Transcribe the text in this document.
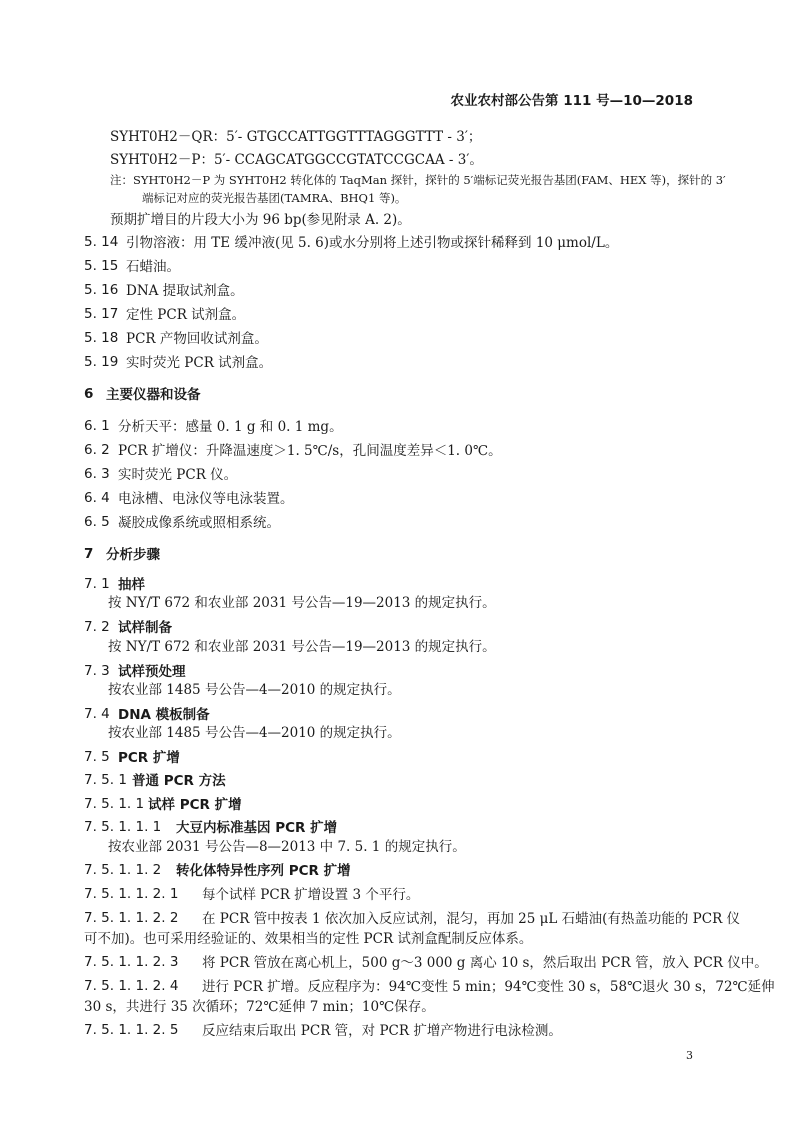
农业农村部公告第 111 号—10—2018
SYHT0H2－QR：5′- GTGCCATTGGTTTAGGGTTT - 3′；
SYHT0H2－P：5′- CCAGCATGGCCGTATCCGCAA - 3′。
注：SYHT0H2－P 为 SYHT0H2 转化体的 TaqMan 探针，探针的 5′端标记荧光报告基团(FAM、HEX 等)，探针的 3′
端标记对应的荧光报告基团(TAMRA、BHQ1 等)。
预期扩增目的片段大小为 96 bp(参见附录 A. 2)。
5. 14 引物溶液：用 TE 缓冲液(见 5. 6)或水分别将上述引物或探针稀释到 10 μmol/L。
5. 15 石蜡油。
5. 16 DNA 提取试剂盒。
5. 17 定性 PCR 试剂盒。
5. 18 PCR 产物回收试剂盒。
5. 19 实时荧光 PCR 试剂盒。
6 主要仪器和设备
6. 1 分析天平：感量 0. 1 g 和 0. 1 mg。
6. 2 PCR 扩增仪：升降温速度＞1. 5℃/s，孔间温度差异＜1. 0℃。
6. 3 实时荧光 PCR 仪。
6. 4 电泳槽、电泳仪等电泳装置。
6. 5 凝胶成像系统或照相系统。
7 分析步骤
7. 1 抽样
按 NY/T 672 和农业部 2031 号公告—19—2013 的规定执行。
7. 2 试样制备
按 NY/T 672 和农业部 2031 号公告—19—2013 的规定执行。
7. 3 试样预处理
按农业部 1485 号公告—4—2010 的规定执行。
7. 4 DNA 模板制备
按农业部 1485 号公告—4—2010 的规定执行。
7. 5 PCR 扩增
7. 5. 1 普通 PCR 方法
7. 5. 1. 1 试样 PCR 扩增
7. 5. 1. 1. 1 大豆内标准基因 PCR 扩增
按农业部 2031 号公告—8—2013 中 7. 5. 1 的规定执行。
7. 5. 1. 1. 2 转化体特异性序列 PCR 扩增
7. 5. 1. 1. 2. 1 每个试样 PCR 扩增设置 3 个平行。
7. 5. 1. 1. 2. 2 在 PCR 管中按表 1 依次加入反应试剂，混匀，再加 25 μL 石蜡油(有热盖功能的 PCR 仪
可不加)。也可采用经验证的、效果相当的定性 PCR 试剂盒配制反应体系。
7. 5. 1. 1. 2. 3 将 PCR 管放在离心机上，500 g～3 000 g 离心 10 s，然后取出 PCR 管，放入 PCR 仪中。
7. 5. 1. 1. 2. 4 进行 PCR 扩增。反应程序为：94℃变性 5 min；94℃变性 30 s，58℃退火 30 s，72℃延伸
30 s，共进行 35 次循环；72℃延伸 7 min；10℃保存。
7. 5. 1. 1. 2. 5 反应结束后取出 PCR 管，对 PCR 扩增产物进行电泳检测。
3
